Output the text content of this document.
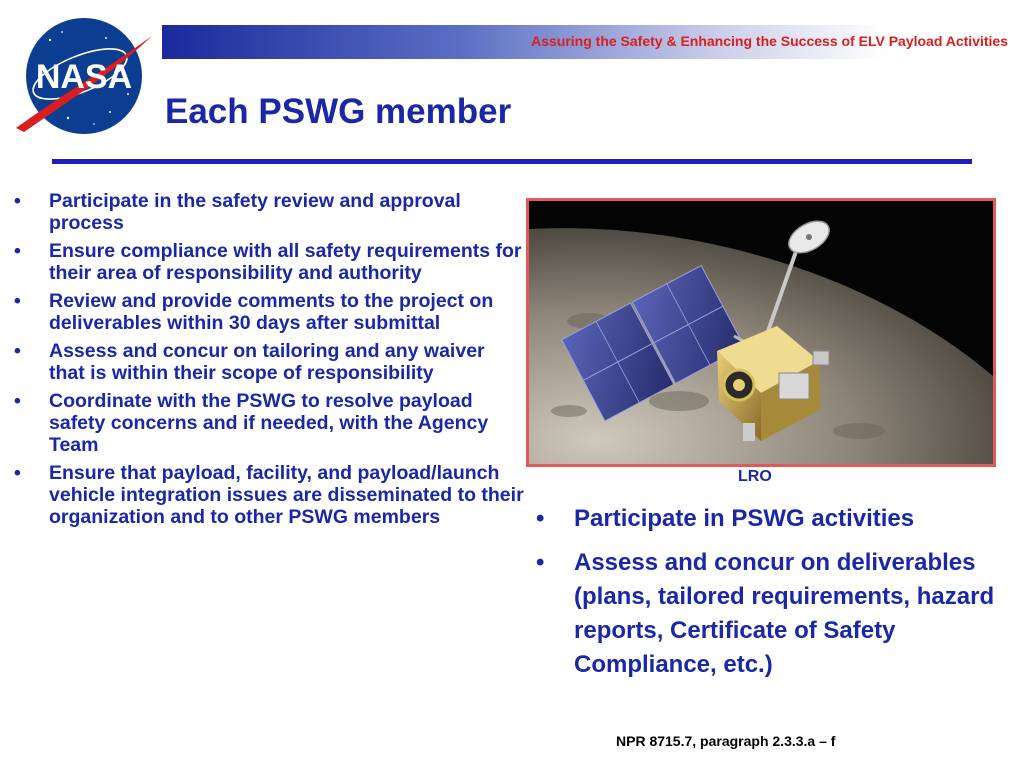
Assuring the Safety & Enhancing the Success of ELV Payload Activities
NASA
Each PSWG member
• Participate in the safety review and approval process
• Ensure compliance with all safety requirements for their area of responsibility and authority
• Review and provide comments to the project on deliverables within 30 days after submittal
• Assess and concur on tailoring and any waiver that is within their scope of responsibility
• Coordinate with the PSWG to resolve payload safety concerns and if needed, with the Agency Team
• Ensure that payload, facility, and payload/launch vehicle integration issues are disseminated to their organization and to other PSWG members
LRO
• Participate in PSWG activities
• Assess and concur on deliverables (plans, tailored requirements, hazard reports, Certificate of Safety Compliance, etc.)
NPR 8715.7, paragraph 2.3.3.a – f
